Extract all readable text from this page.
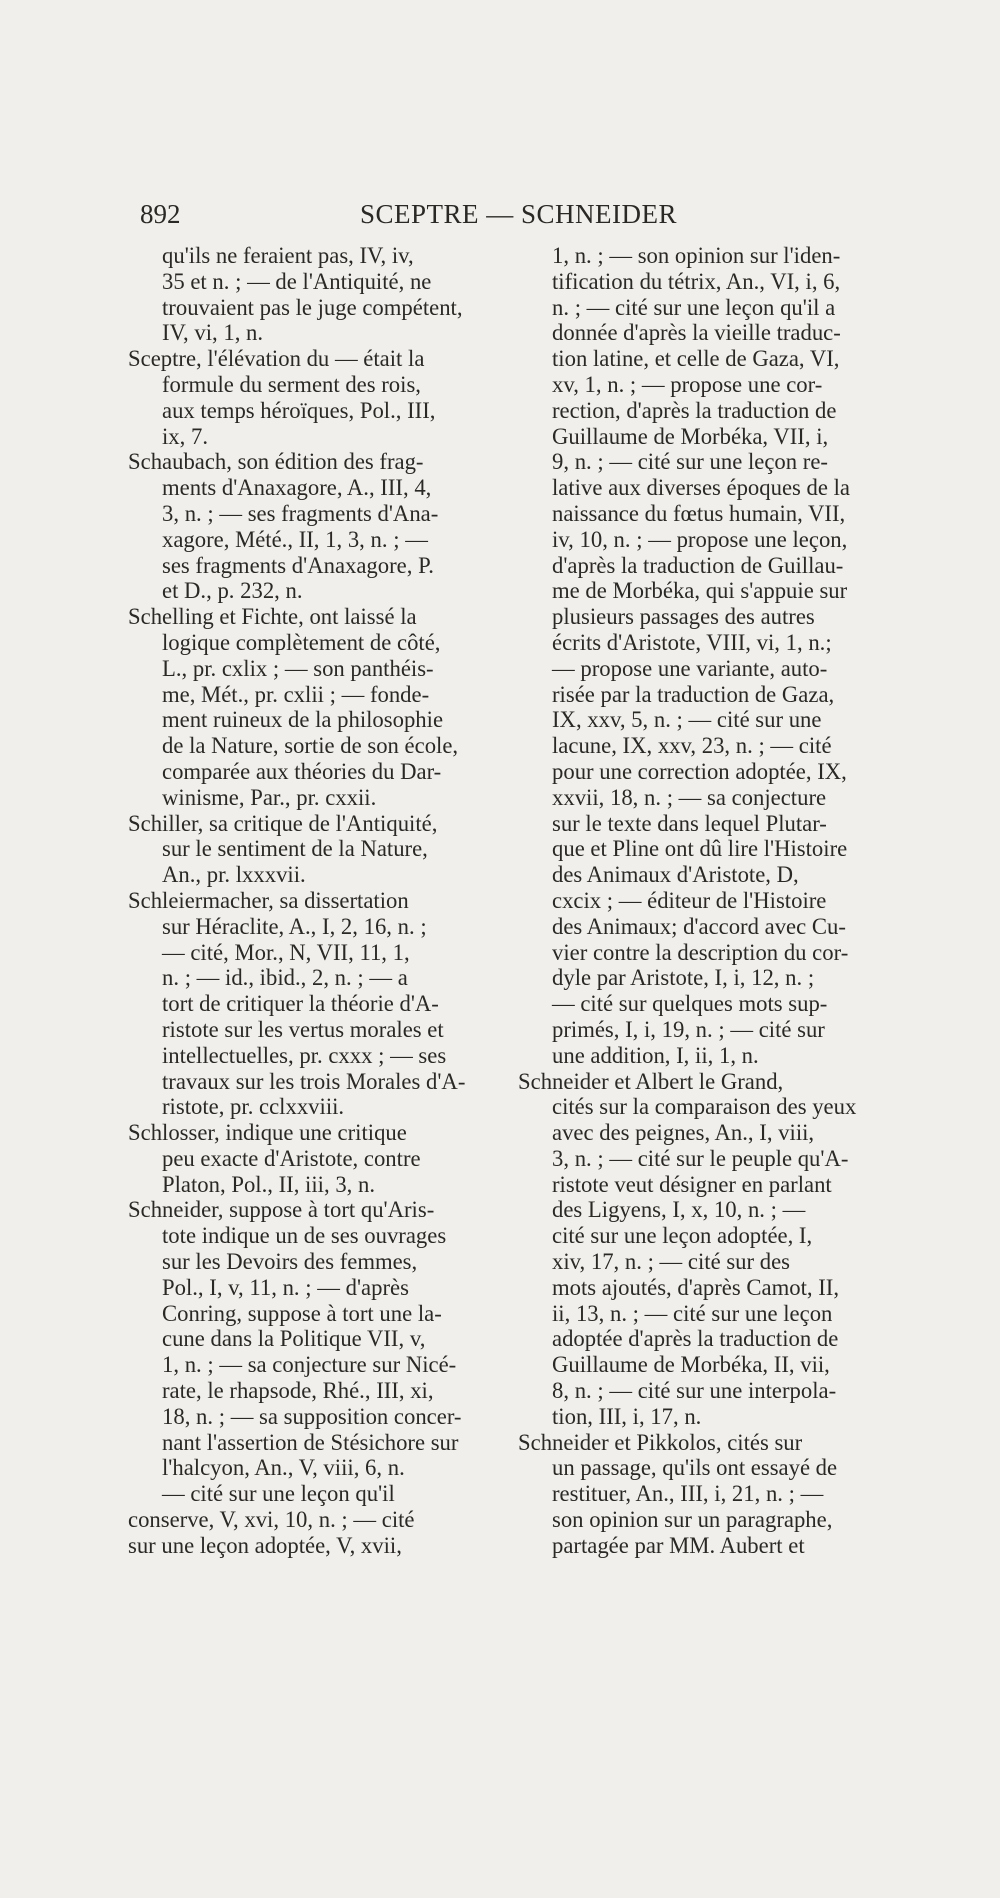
892	SCEPTRE — SCHNEIDER
qu'ils ne feraient pas, IV, iv,
35 et n. ; — de l'Antiquité, ne
trouvaient pas le juge compétent,
IV, vi, 1, n.
Sceptre, l'élévation du — était la
formule du serment des rois,
aux temps héroïques, Pol., III,
ix, 7.
Schaubach, son édition des frag-
ments d'Anaxagore, A., III, 4,
3, n. ; — ses fragments d'Ana-
xagore, Mété., II, 1, 3, n. ; —
ses fragments d'Anaxagore, P.
et D., p. 232, n.
Schelling et Fichte, ont laissé la
logique complètement de côté,
L., pr. cxlix ; — son panthéis-
me, Mét., pr. cxlii ; — fonde-
ment ruineux de la philosophie
de la Nature, sortie de son école,
comparée aux théories du Dar-
winisme, Par., pr. cxxii.
Schiller, sa critique de l'Antiquité,
sur le sentiment de la Nature,
An., pr. lxxxvii.
Schleiermacher, sa dissertation
sur Héraclite, A., I, 2, 16, n. ;
— cité, Mor., N, VII, 11, 1,
n. ; — id., ibid., 2, n. ; — a
tort de critiquer la théorie d'A-
ristote sur les vertus morales et
intellectuelles, pr. cxxx ; — ses
travaux sur les trois Morales d'A-
ristote, pr. cclxxviii.
Schlosser, indique une critique
peu exacte d'Aristote, contre
Platon, Pol., II, iii, 3, n.
Schneider, suppose à tort qu'Aris-
tote indique un de ses ouvrages
sur les Devoirs des femmes,
Pol., I, v, 11, n. ; — d'après
Conring, suppose à tort une la-
cune dans la Politique VII, v,
1, n. ; — sa conjecture sur Nicé-
rate, le rhapsode, Rhé., III, xi,
18, n. ; — sa supposition concer-
nant l'assertion de Stésichore sur
l'halcyon, An., V, viii, 6, n.
— cité sur une leçon qu'il
conserve, V, xvi, 10, n. ; — cité
sur une leçon adoptée, V, xvii,
1, n. ; — son opinion sur l'iden-
tification du tétrix, An., VI, i, 6,
n. ; — cité sur une leçon qu'il a
donnée d'après la vieille traduc-
tion latine, et celle de Gaza, VI,
xv, 1, n. ; — propose une cor-
rection, d'après la traduction de
Guillaume de Morbéka, VII, i,
9, n. ; — cité sur une leçon re-
lative aux diverses époques de la
naissance du fœtus humain, VII,
iv, 10, n. ; — propose une leçon,
d'après la traduction de Guillau-
me de Morbéka, qui s'appuie sur
plusieurs passages des autres
écrits d'Aristote, VIII, vi, 1, n.;
— propose une variante, auto-
risée par la traduction de Gaza,
IX, xxv, 5, n. ; — cité sur une
lacune, IX, xxv, 23, n. ; — cité
pour une correction adoptée, IX,
xxvii, 18, n. ; — sa conjecture
sur le texte dans lequel Plutar-
que et Pline ont dû lire l'Histoire
des Animaux d'Aristote, D,
cxcix ; — éditeur de l'Histoire
des Animaux; d'accord avec Cu-
vier contre la description du cor-
dyle par Aristote, I, i, 12, n. ;
— cité sur quelques mots sup-
primés, I, i, 19, n. ; — cité sur
une addition, I, ii, 1, n.
Schneider et Albert le Grand,
cités sur la comparaison des yeux
avec des peignes, An., I, viii,
3, n. ; — cité sur le peuple qu'A-
ristote veut désigner en parlant
des Ligyens, I, x, 10, n. ; —
cité sur une leçon adoptée, I,
xiv, 17, n. ; — cité sur des
mots ajoutés, d'après Camot, II,
ii, 13, n. ; — cité sur une leçon
adoptée d'après la traduction de
Guillaume de Morbéka, II, vii,
8, n. ; — cité sur une interpola-
tion, III, i, 17, n.
Schneider et Pikkolos, cités sur
un passage, qu'ils ont essayé de
restituer, An., III, i, 21, n. ; —
son opinion sur un paragraphe,
partagée par MM. Aubert et
